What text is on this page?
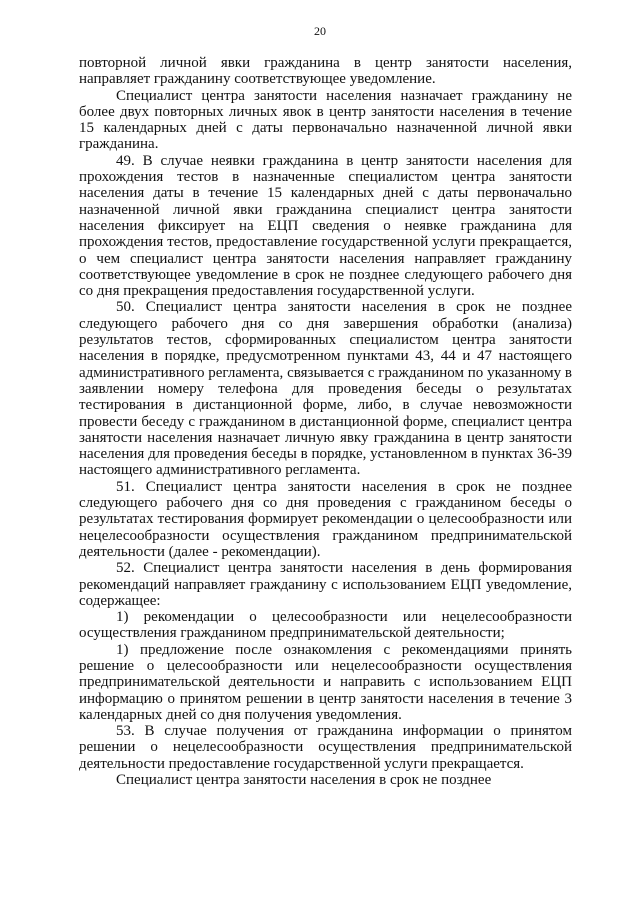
20

повторной личной явки гражданина в центр занятости населения, направляет гражданину соответствующее уведомление.

Специалист центра занятости населения назначает гражданину не более двух повторных личных явок в центр занятости населения в течение 15 календарных дней с даты первоначально назначенной личной явки гражданина.

49. В случае неявки гражданина в центр занятости населения для прохождения тестов в назначенные специалистом центра занятости населения даты в течение 15 календарных дней с даты первоначально назначенной личной явки гражданина специалист центра занятости населения фиксирует на ЕЦП сведения о неявке гражданина для прохождения тестов, предоставление государственной услуги прекращается, о чем специалист центра занятости населения направляет гражданину соответствующее уведомление в срок не позднее следующего рабочего дня со дня прекращения предоставления государственной услуги.

50. Специалист центра занятости населения в срок не позднее следующего рабочего дня со дня завершения обработки (анализа) результатов тестов, сформированных специалистом центра занятости населения в порядке, предусмотренном пунктами 43, 44 и 47 настоящего административного регламента, связывается с гражданином по указанному в заявлении номеру телефона для проведения беседы о результатах тестирования в дистанционной форме, либо, в случае невозможности провести беседу с гражданином в дистанционной форме, специалист центра занятости населения назначает личную явку гражданина в центр занятости населения для проведения беседы в порядке, установленном в пунктах 36-39 настоящего административного регламента.

51. Специалист центра занятости населения в срок не позднее следующего рабочего дня со дня проведения с гражданином беседы о результатах тестирования формирует рекомендации о целесообразности или нецелесообразности осуществления гражданином предпринимательской деятельности (далее - рекомендации).

52. Специалист центра занятости населения в день формирования рекомендаций направляет гражданину с использованием ЕЦП уведомление, содержащее:

1) рекомендации о целесообразности или нецелесообразности осуществления гражданином предпринимательской деятельности;

1) предложение после ознакомления с рекомендациями принять решение о целесообразности или нецелесообразности осуществления предпринимательской деятельности и направить с использованием ЕЦП информацию о принятом решении в центр занятости населения в течение 3 календарных дней со дня получения уведомления.

53. В случае получения от гражданина информации о принятом решении о нецелесообразности осуществления предпринимательской деятельности предоставление государственной услуги прекращается.

Специалист центра занятости населения в срок не позднее
